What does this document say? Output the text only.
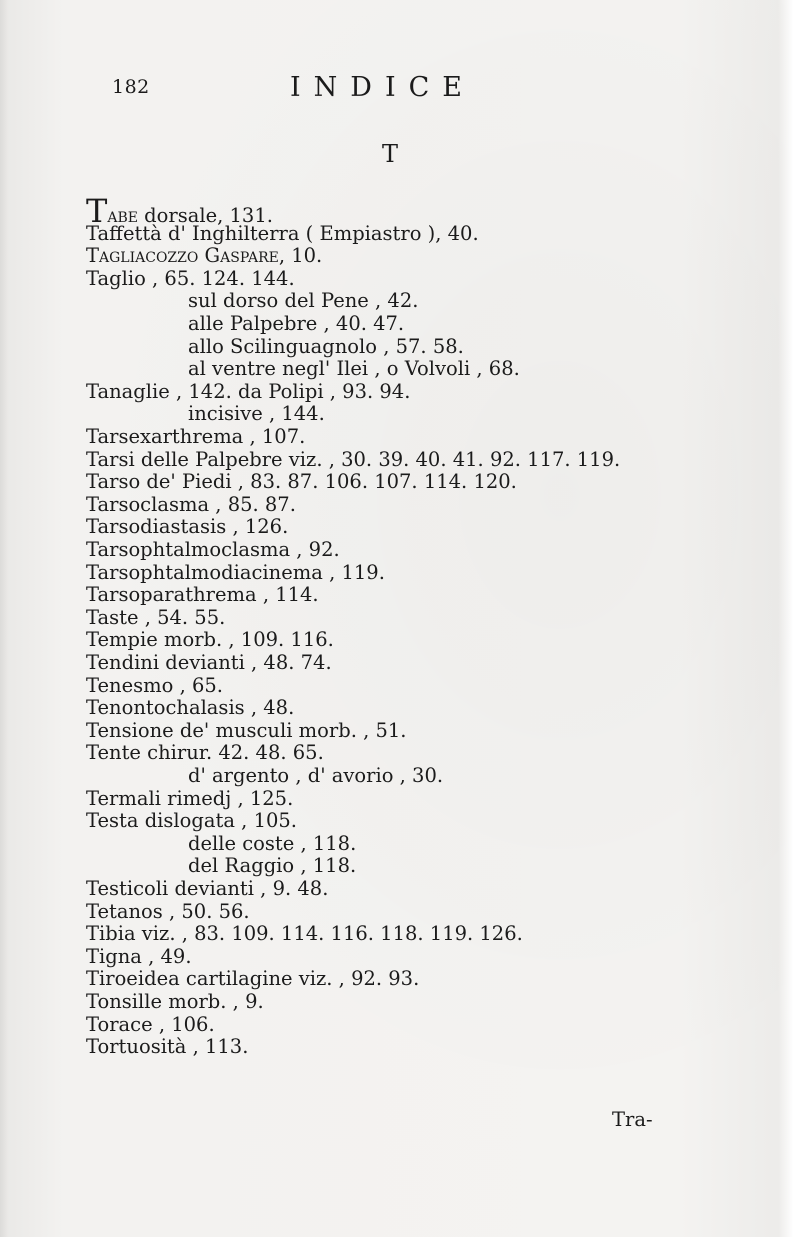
182	INDICE
T
Tabe dorsale, 131.
Taffettà d' Inghilterra ( Empiastro ), 40.
Tagliacozzo Gaspare, 10.
Taglio , 65. 124. 144.
sul dorso del Pene , 42.
alle Palpebre , 40. 47.
allo Scilinguagnolo , 57. 58.
al ventre negl' Ilei , o Volvoli , 68.
Tanaglie , 142. da Polipi , 93. 94.
incisive , 144.
Tarsexarthrema , 107.
Tarsi delle Palpebre viz. , 30. 39. 40. 41. 92. 117. 119.
Tarso de' Piedi , 83. 87. 106. 107. 114. 120.
Tarsoclasma , 85. 87.
Tarsodiastasis , 126.
Tarsophtalmoclasma , 92.
Tarsophtalmodiacinema , 119.
Tarsoparathrema , 114.
Taste , 54. 55.
Tempie morb. , 109. 116.
Tendini devianti , 48. 74.
Tenesmo , 65.
Tenontochalasis , 48.
Tensione de' musculi morb. , 51.
Tente chirur. 42. 48. 65.
d' argento , d' avorio , 30.
Termali rimedj , 125.
Testa dislogata , 105.
delle coste , 118.
del Raggio , 118.
Testicoli devianti , 9. 48.
Tetanos , 50. 56.
Tibia viz. , 83. 109. 114. 116. 118. 119. 126.
Tigna , 49.
Tiroeidea cartilagine viz. , 92. 93.
Tonsille morb. , 9.
Torace , 106.
Tortuosità , 113.
Tra-
